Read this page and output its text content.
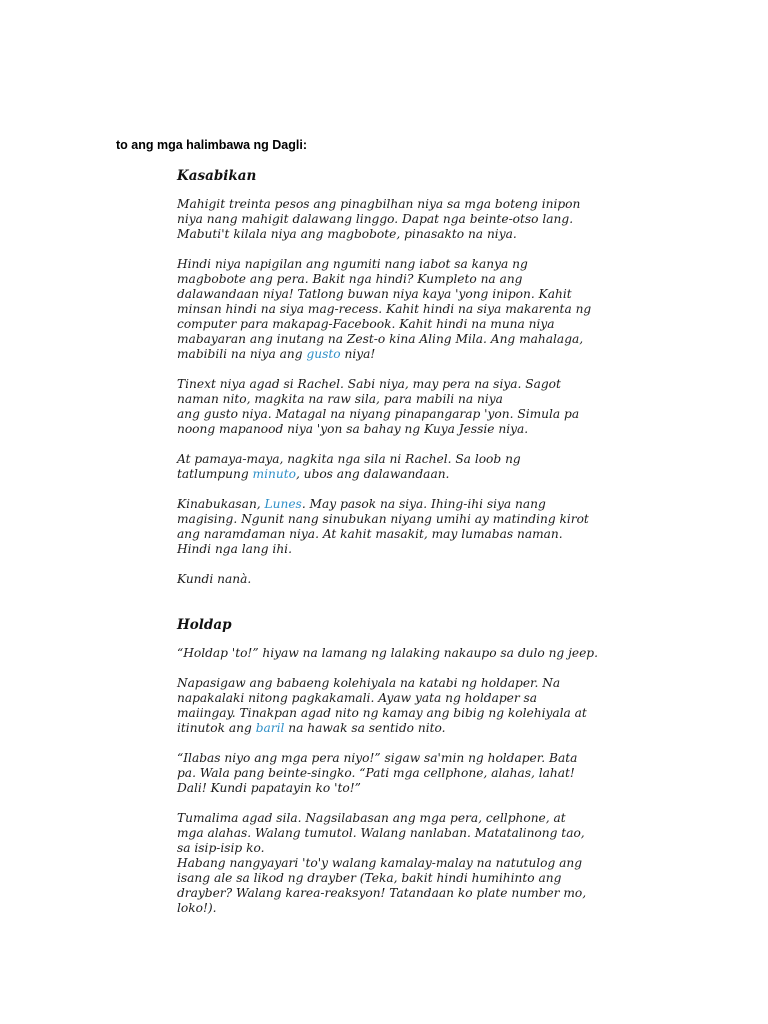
to ang mga halimbawa ng Dagli:
Kasabikan
Mahigit treinta pesos ang pinagbilhan niya sa mga boteng inipon
niya nang mahigit dalawang linggo. Dapat nga beinte-otso lang.
Mabuti't kilala niya ang magbobote, pinasakto na niya.
Hindi niya napigilan ang ngumiti nang iabot sa kanya ng
magbobote ang pera. Bakit nga hindi? Kumpleto na ang
dalawandaan niya! Tatlong buwan niya kaya 'yong inipon. Kahit
minsan hindi na siya mag-recess. Kahit hindi na siya makarenta ng
computer para makapag-Facebook. Kahit hindi na muna niya
mabayaran ang inutang na Zest-o kina Aling Mila. Ang mahalaga,
mabibili na niya ang gusto niya!
Tinext niya agad si Rachel. Sabi niya, may pera na siya. Sagot
naman nito, magkita na raw sila, para mabili na niya
ang gusto niya. Matagal na niyang pinapangarap 'yon. Simula pa
noong mapanood niya 'yon sa bahay ng Kuya Jessie niya.
At pamaya-maya, nagkita nga sila ni Rachel. Sa loob ng
tatlumpung minuto, ubos ang dalawandaan.
Kinabukasan, Lunes. May pasok na siya. Ihing-ihi siya nang
magising. Ngunit nang sinubukan niyang umihi ay matinding kirot
ang naramdaman niya. At kahit masakit, may lumabas naman.
Hindi nga lang ihi.
Kundi nanà.
Holdap
“Holdap 'to!” hiyaw na lamang ng lalaking nakaupo sa dulo ng jeep.
Napasigaw ang babaeng kolehiyala na katabi ng holdaper. Na
napakalaki nitong pagkakamali. Ayaw yata ng holdaper sa
maiingay. Tinakpan agad nito ng kamay ang bibig ng kolehiyala at
itinutok ang baril na hawak sa sentido nito.
“Ilabas niyo ang mga pera niyo!” sigaw sa'min ng holdaper. Bata
pa. Wala pang beinte-singko. “Pati mga cellphone, alahas, lahat!
Dali! Kundi papatayin ko 'to!”
Tumalima agad sila. Nagsilabasan ang mga pera, cellphone, at
mga alahas. Walang tumutol. Walang nanlaban. Matatalinong tao,
sa isip-isip ko.
Habang nangyayari 'to'y walang kamalay-malay na natutulog ang
isang ale sa likod ng drayber (Teka, bakit hindi humihinto ang
drayber? Walang karea-reaksyon! Tatandaan ko plate number mo,
loko!).
